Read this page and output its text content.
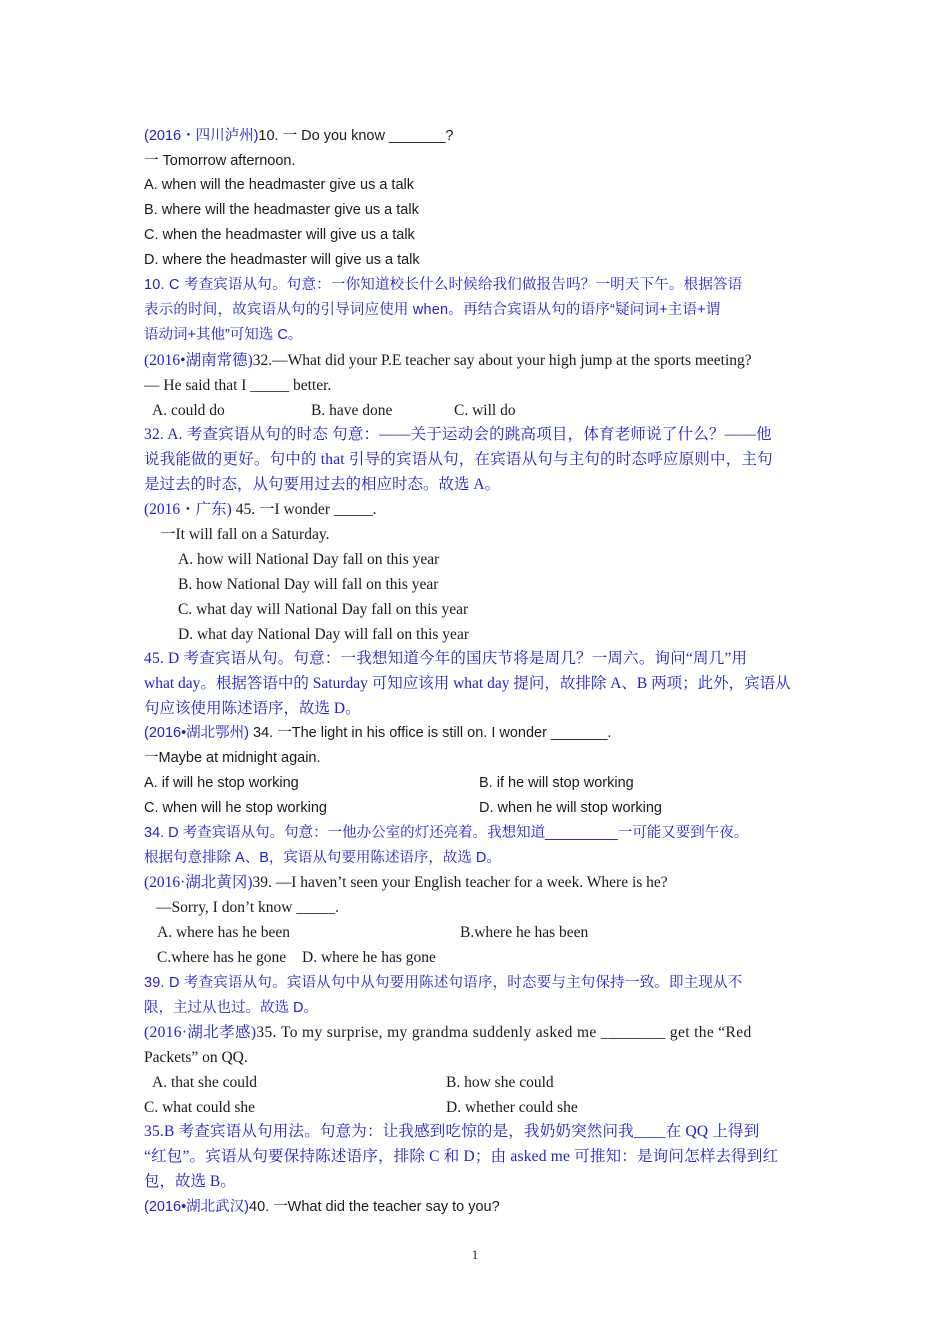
(2016・四川泸州)10. 一 Do you know _______?
一 Tomorrow afternoon.
A. when will the headmaster give us a talk
B. where will the headmaster give us a talk
C. when the headmaster will give us a talk
D. where the headmaster will give us a talk
10. C 考查宾语从句。句意：一你知道校长什么时候给我们做报告吗？一明天下午。根据答语
表示的时间，故宾语从句的引导词应使用 when。再结合宾语从句的语序“疑问词+主语+谓
语动词+其他”可知选 C。
(2016•湖南常德)32.—What did your P.E teacher say about your high jump at the sports meeting?
— He said that I _____ better.
A. could do	B. have done	C. will do
32. A. 考查宾语从句的时态 句意：——关于运动会的跳高项目，体育老师说了什么？——他
说我能做的更好。句中的 that 引导的宾语从句，在宾语从句与主句的时态呼应原则中，主句
是过去的时态，从句要用过去的相应时态。故选 A。
(2016・广东) 45. 一I wonder _____.
一It will fall on a Saturday.
A. how will National Day fall on this year
B. how National Day will fall on this year
C. what day will National Day fall on this year
D. what day National Day will fall on this year
45. D 考查宾语从句。句意：一我想知道今年的国庆节将是周几？一周六。询问“周几”用
what day。根据答语中的 Saturday 可知应该用 what day 提问，故排除 A、B 两项；此外，宾语从
句应该使用陈述语序，故选 D。
(2016•湖北鄂州) 34. 一The light in his office is still on. I wonder _______.
一Maybe at midnight again.
A. if will he stop working	B. if he will stop working
C. when will he stop working	D. when he will stop working
34. D 考查宾语从句。句意：一他办公室的灯还亮着。我想知道_________一可能又要到午夜。
根据句意排除 A、B，宾语从句要用陈述语序，故选 D。
(2016·湖北黄冈)39. —I haven’t seen your English teacher for a week. Where is he?
—Sorry, I don’t know _____.
A. where has he been	B.where he has been
C.where has he gone D. where he has gone
39. D 考查宾语从句。宾语从句中从句要用陈述句语序，时态要与主句保持一致。即主现从不
限，主过从也过。故选 D。
(2016·湖北孝感)35. To my surprise, my grandma suddenly asked me ________ get the “Red
Packets” on QQ.
A. that she could	B. how she could
C. what could she	D. whether could she
35.B 考查宾语从句用法。句意为：让我感到吃惊的是，我奶奶突然问我____在 QQ 上得到
“红包”。宾语从句要保持陈述语序，排除 C 和 D；由 asked me 可推知：是询问怎样去得到红
包，故选 B。
(2016•湖北武汉)40. 一What did the teacher say to you?
1
